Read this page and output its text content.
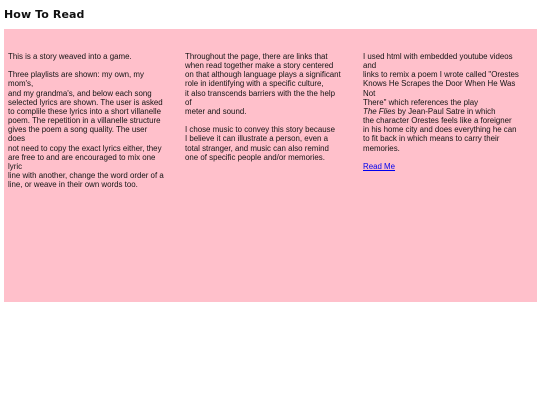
How To Read

This is a story weaved into a game.

Three playlists are shown: my own, my
mom's,
and my grandma's, and below each song
selected lyrics are shown. The user is asked
to complile these lyrics into a short villanelle
poem. The repetition in a villanelle structure
gives the poem a song quality. The user
does
not need to copy the exact lyrics either, they
are free to and are encouraged to mix one
lyric
line with another, change the word order of a
line, or weave in their own words too.

Throughout the page, there are links that
when read together make a story centered
on that although language plays a significant
role in identifying with a specific culture,
it also transcends barriers with the the help
of
meter and sound.

I chose music to convey this story because
I believe it can illustrate a person, even a
total stranger, and music can also remind
one of specific people and/or memories.

I used html with embedded youtube videos
and
links to remix a poem I wrote called "Orestes
Knows He Scrapes the Door When He Was
Not
There" which references the play
The Flies by Jean-Paul Satre in which
the character Orestes feels like a foreigner
in his home city and does everything he can
to fit back in which means to carry their
memories.

Read Me
